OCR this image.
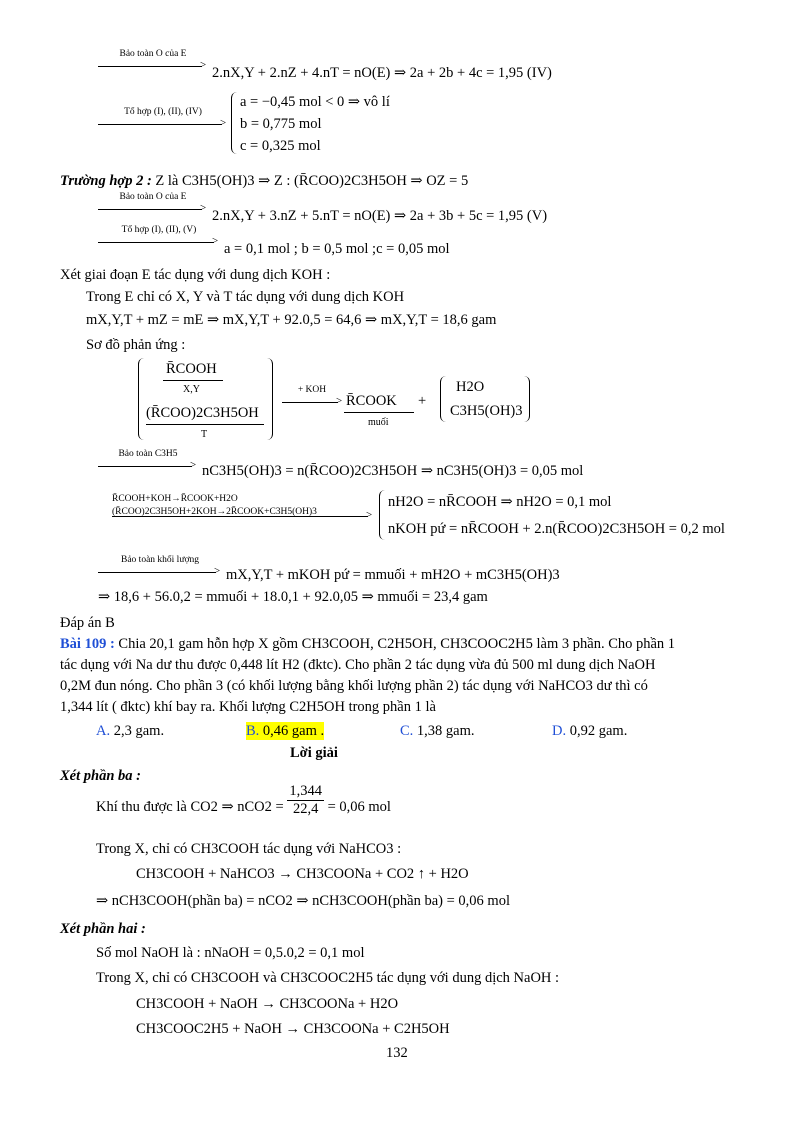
Bảo toàn O của E
> 2.nX,Y + 2.nZ + 4.nT = nO(E) ⇒ 2a + 2b + 4c = 1,95 (IV)
Tổ hợp (I), (II), (IV)
>
a = −0,45 mol < 0 ⇒ vô lí
b = 0,775 mol
c = 0,325 mol
Trường hợp 2 : Z là C3H5(OH)3 ⇒ Z : (R̄COO)2C3H5OH ⇒ OZ = 5
Bảo toàn O của E
> 2.nX,Y + 3.nZ + 5.nT = nO(E) ⇒ 2a + 3b + 5c = 1,95 (V)
Tổ hợp (I), (II), (V)
> a = 0,1 mol ; b = 0,5 mol ;c = 0,05 mol
Xét giai đoạn E tác dụng với dung dịch KOH :
Trong E chỉ có X, Y và T tác dụng với dung dịch KOH
mX,Y,T + mZ = mE ⇒ mX,Y,T + 92.0,5 = 64,6 ⇒ mX,Y,T = 18,6 gam
Sơ đồ phản ứng :
R̄COOH
X,Y
(R̄COO)2C3H5OH
T
+ KOH
> R̄COOK
muối
+
H2O
C3H5(OH)3
Bảo toàn C3H5
> nC3H5(OH)3 = n(R̄COO)2C3H5OH ⇒ nC3H5(OH)3 = 0,05 mol
R̄COOH+KOH→R̄COOK+H2O
(R̄COO)2C3H5OH+2KOH→2R̄COOK+C3H5(OH)3	>
nH2O = nR̄COOH ⇒ nH2O = 0,1 mol
nKOH pứ = nR̄COOH + 2.n(R̄COO)2C3H5OH = 0,2 mol
Bảo toàn khối lượng
> mX,Y,T + mKOH pứ = mmuối + mH2O + mC3H5(OH)3
⇒ 18,6 + 56.0,2 = mmuối + 18.0,1 + 92.0,05 ⇒ mmuối = 23,4 gam
Đáp án B
Bài 109 : Chia 20,1 gam hỗn hợp X gồm CH3COOH, C2H5OH, CH3COOC2H5 làm 3 phần. Cho phần 1
tác dụng với Na dư thu được 0,448 lít H2 (đktc). Cho phần 2 tác dụng vừa đủ 500 ml dung dịch NaOH
0,2M đun nóng. Cho phần 3 (có khối lượng bằng khối lượng phần 2) tác dụng với NaHCO3 dư thì có
1,344 lít ( đktc) khí bay ra. Khối lượng C2H5OH trong phần 1 là
A. 2,3 gam.	B. 0,46 gam .	C. 1,38 gam.	D. 0,92 gam.
Lời giải
Xét phần ba :
Khí thu được là CO2 ⇒ $nCO2 = \frac{1,344}{22,4} = 0,06$ mol
Trong X, chỉ có CH3COOH tác dụng với NaHCO3 :
CH3COOH + NaHCO3 → CH3COONa + CO2 ↑ + H2O
⇒ nCH3COOH(phần ba) = nCO2 ⇒ nCH3COOH(phần ba) = 0,06 mol
Xét phần hai :
Số mol NaOH là : nNaOH = 0,5.0,2 = 0,1 mol
Trong X, chỉ có CH3COOH và CH3COOC2H5 tác dụng với dung dịch NaOH :
CH3COOH + NaOH → CH3COONa + H2O
CH3COOC2H5 + NaOH → CH3COONa + C2H5OH
132
